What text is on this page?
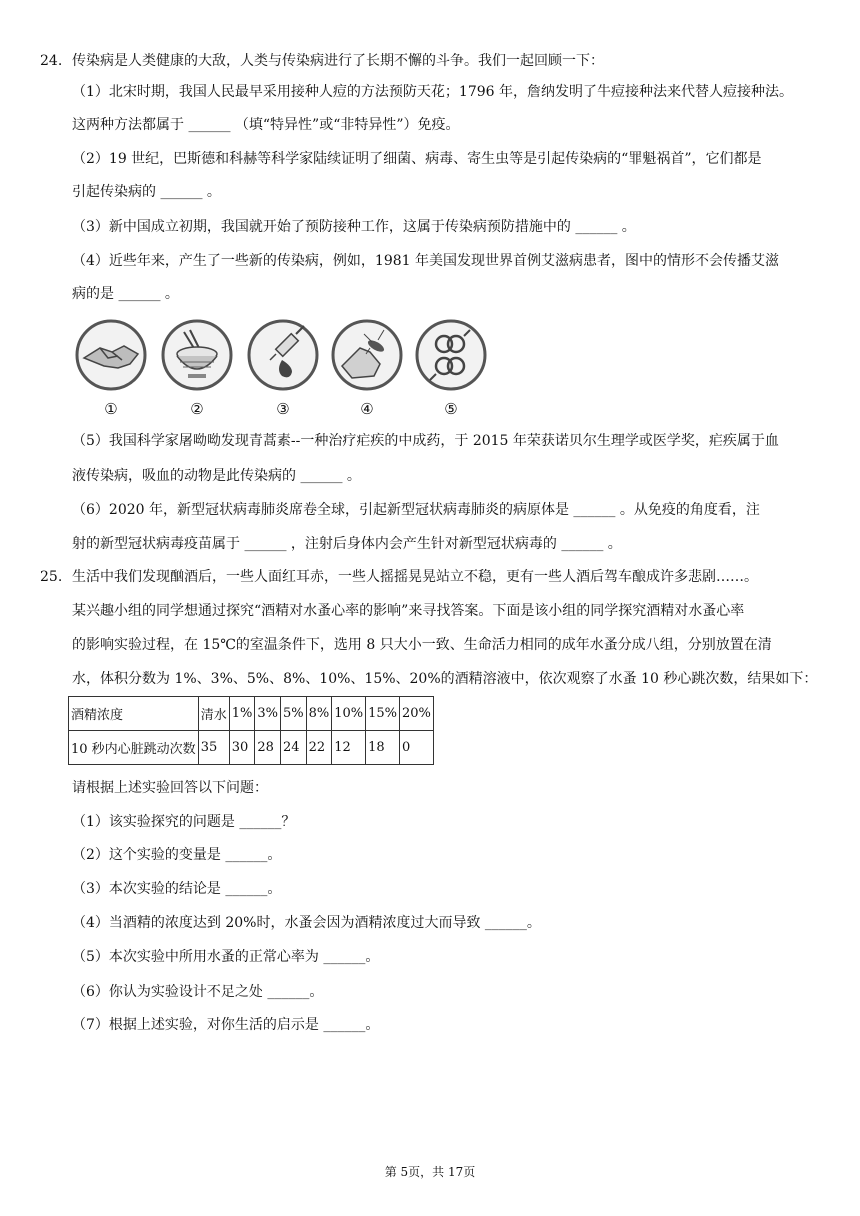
24. 传染病是人类健康的大敌，人类与传染病进行了长期不懈的斗争。我们一起回顾一下：
（1）北宋时期，我国人民最早采用接种人痘的方法预防天花；1796 年，詹纳发明了牛痘接种法来代替人痘接种法。
这两种方法都属于 ______ （填“特异性”或“非特异性”）免疫。
（2）19 世纪，巴斯德和科赫等科学家陆续证明了细菌、病毒、寄生虫等是引起传染病的“罪魁祸首”，它们都是
引起传染病的 ______ 。
（3）新中国成立初期，我国就开始了预防接种工作，这属于传染病预防措施中的 ______ 。
（4）近些年来，产生了一些新的传染病，例如，1981 年美国发现世界首例艾滋病患者，图中的情形不会传播艾滋
病的是 ______ 。
①	②	③	④	⑤
（5）我国科学家屠呦呦发现青蒿素--一种治疗疟疾的中成药，于 2015 年荣获诺贝尔生理学或医学奖，疟疾属于血
液传染病，吸血的动物是此传染病的 ______ 。
（6）2020 年，新型冠状病毒肺炎席卷全球，引起新型冠状病毒肺炎的病原体是 ______ 。从免疫的角度看，注
射的新型冠状病毒疫苗属于 ______ ，注射后身体内会产生针对新型冠状病毒的 ______ 。
25. 生活中我们发现酗酒后，一些人面红耳赤，一些人摇摇晃晃站立不稳，更有一些人酒后驾车酿成许多悲剧……。
某兴趣小组的同学想通过探究“酒精对水蚤心率的影响”来寻找答案。下面是该小组的同学探究酒精对水蚤心率
的影响实验过程，在 15℃的室温条件下，选用 8 只大小一致、生命活力相同的成年水蚤分成八组，分别放置在清
水，体积分数为 1%、3%、5%、8%、10%、15%、20%的酒精溶液中，依次观察了水蚤 10 秒心跳次数，结果如下：
酒精浓度	清水	1%	3%	5%	8%	10%	15%	20%
10 秒内心脏跳动次数	35	30	28	24	22	12	18	0
请根据上述实验回答以下问题：
（1）该实验探究的问题是 ______？
（2）这个实验的变量是 ______。
（3）本次实验的结论是 ______。
（4）当酒精的浓度达到 20%时，水蚤会因为酒精浓度过大而导致 ______。
（5）本次实验中所用水蚤的正常心率为 ______。
（6）你认为实验设计不足之处 ______。
（7）根据上述实验，对你生活的启示是 ______。
第 5页，共 17页
